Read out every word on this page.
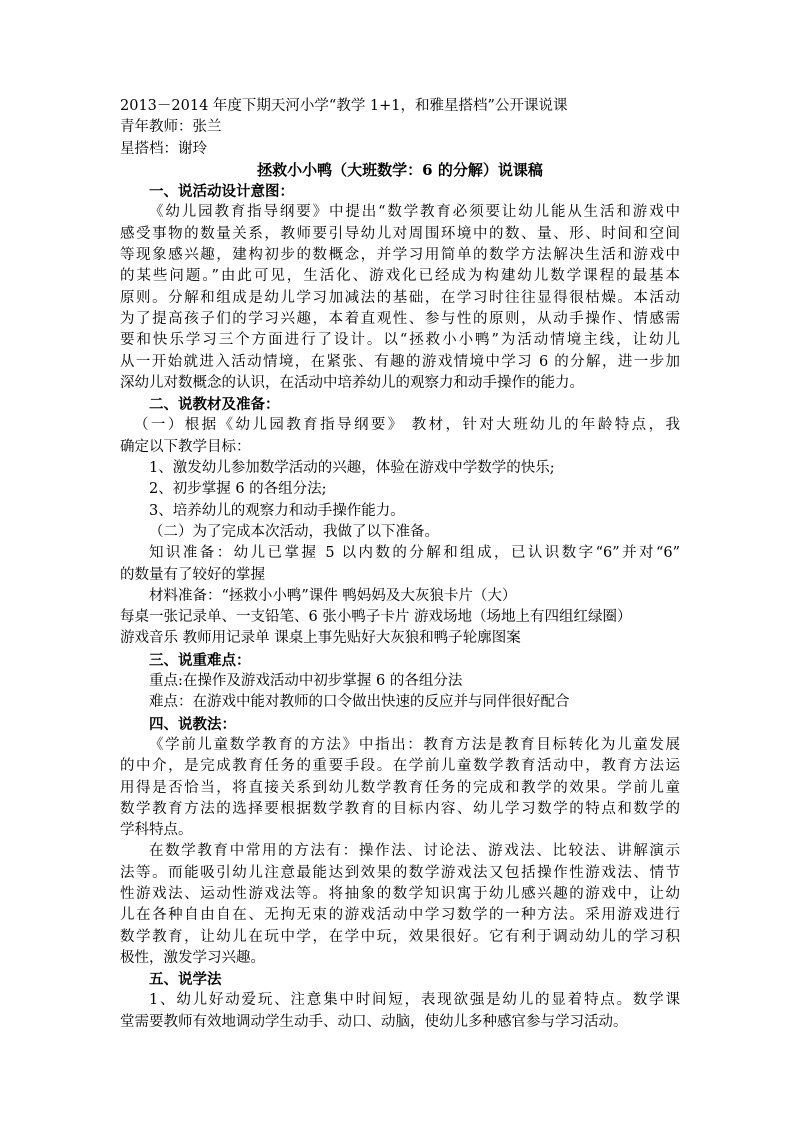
2013－2014 年度下期天河小学“教学 1+1，和雅星搭档”公开课说课
青年教师：张兰
星搭档：谢玲
拯救小小鸭（大班数学：6 的分解）说课稿
一、说活动设计意图：
《幼儿园教育指导纲要》中提出“数学教育必须要让幼儿能从生活和游戏中
感受事物的数量关系，教师要引导幼儿对周围环境中的数、量、形、时间和空间
等现象感兴趣，建构初步的数概念，并学习用简单的数学方法解决生活和游戏中
的某些问题。”由此可见，生活化、游戏化已经成为构建幼儿数学课程的最基本
原则。分解和组成是幼儿学习加减法的基础，在学习时往往显得很枯燥。本活动
为了提高孩子们的学习兴趣，本着直观性、参与性的原则，从动手操作、情感需
要和快乐学习三个方面进行了设计。以“拯救小小鸭”为活动情境主线，让幼儿
从一开始就进入活动情境，在紧张、有趣的游戏情境中学习 6 的分解，进一步加
深幼儿对数概念的认识，在活动中培养幼儿的观察力和动手操作的能力。
二、说教材及准备：
（一）根据《幼儿园教育指导纲要》 教材，针对大班幼儿的年龄特点，我
确定以下教学目标：
1、激发幼儿参加数学活动的兴趣，体验在游戏中学数学的快乐;
2、初步掌握 6 的各组分法;
3、培养幼儿的观察力和动手操作能力。
（二）为了完成本次活动，我做了以下准备。
知识准备：幼儿已掌握 5 以内数的分解和组成，已认识数字“6”并对“6”
的数量有了较好的掌握
材料准备：“拯救小小鸭”课件 鸭妈妈及大灰狼卡片（大）
每桌一张记录单、一支铅笔、6 张小鸭子卡片 游戏场地（场地上有四组红绿圈）
游戏音乐 教师用记录单 课桌上事先贴好大灰狼和鸭子轮廓图案
三、说重难点：
重点:在操作及游戏活动中初步掌握 6 的各组分法
难点：在游戏中能对教师的口令做出快速的反应并与同伴很好配合
四、说教法：
《学前儿童数学教育的方法》中指出：教育方法是教育目标转化为儿童发展
的中介，是完成教育任务的重要手段。在学前儿童数学教育活动中，教育方法运
用得是否恰当，将直接关系到幼儿数学教育任务的完成和教学的效果。学前儿童
数学教育方法的选择要根据数学教育的目标内容、幼儿学习数学的特点和数学的
学科特点。
在数学教育中常用的方法有：操作法、讨论法、游戏法、比较法、讲解演示
法等。而能吸引幼儿注意最能达到效果的数学游戏法又包括操作性游戏法、情节
性游戏法、运动性游戏法等。将抽象的数学知识寓于幼儿感兴趣的游戏中，让幼
儿在各种自由自在、无拘无束的游戏活动中学习数学的一种方法。采用游戏进行
数学教育，让幼儿在玩中学，在学中玩，效果很好。它有利于调动幼儿的学习积
极性，激发学习兴趣。
五、说学法
1、幼儿好动爱玩、注意集中时间短，表现欲强是幼儿的显着特点。数学课
堂需要教师有效地调动学生动手、动口、动脑，使幼儿多种感官参与学习活动。
